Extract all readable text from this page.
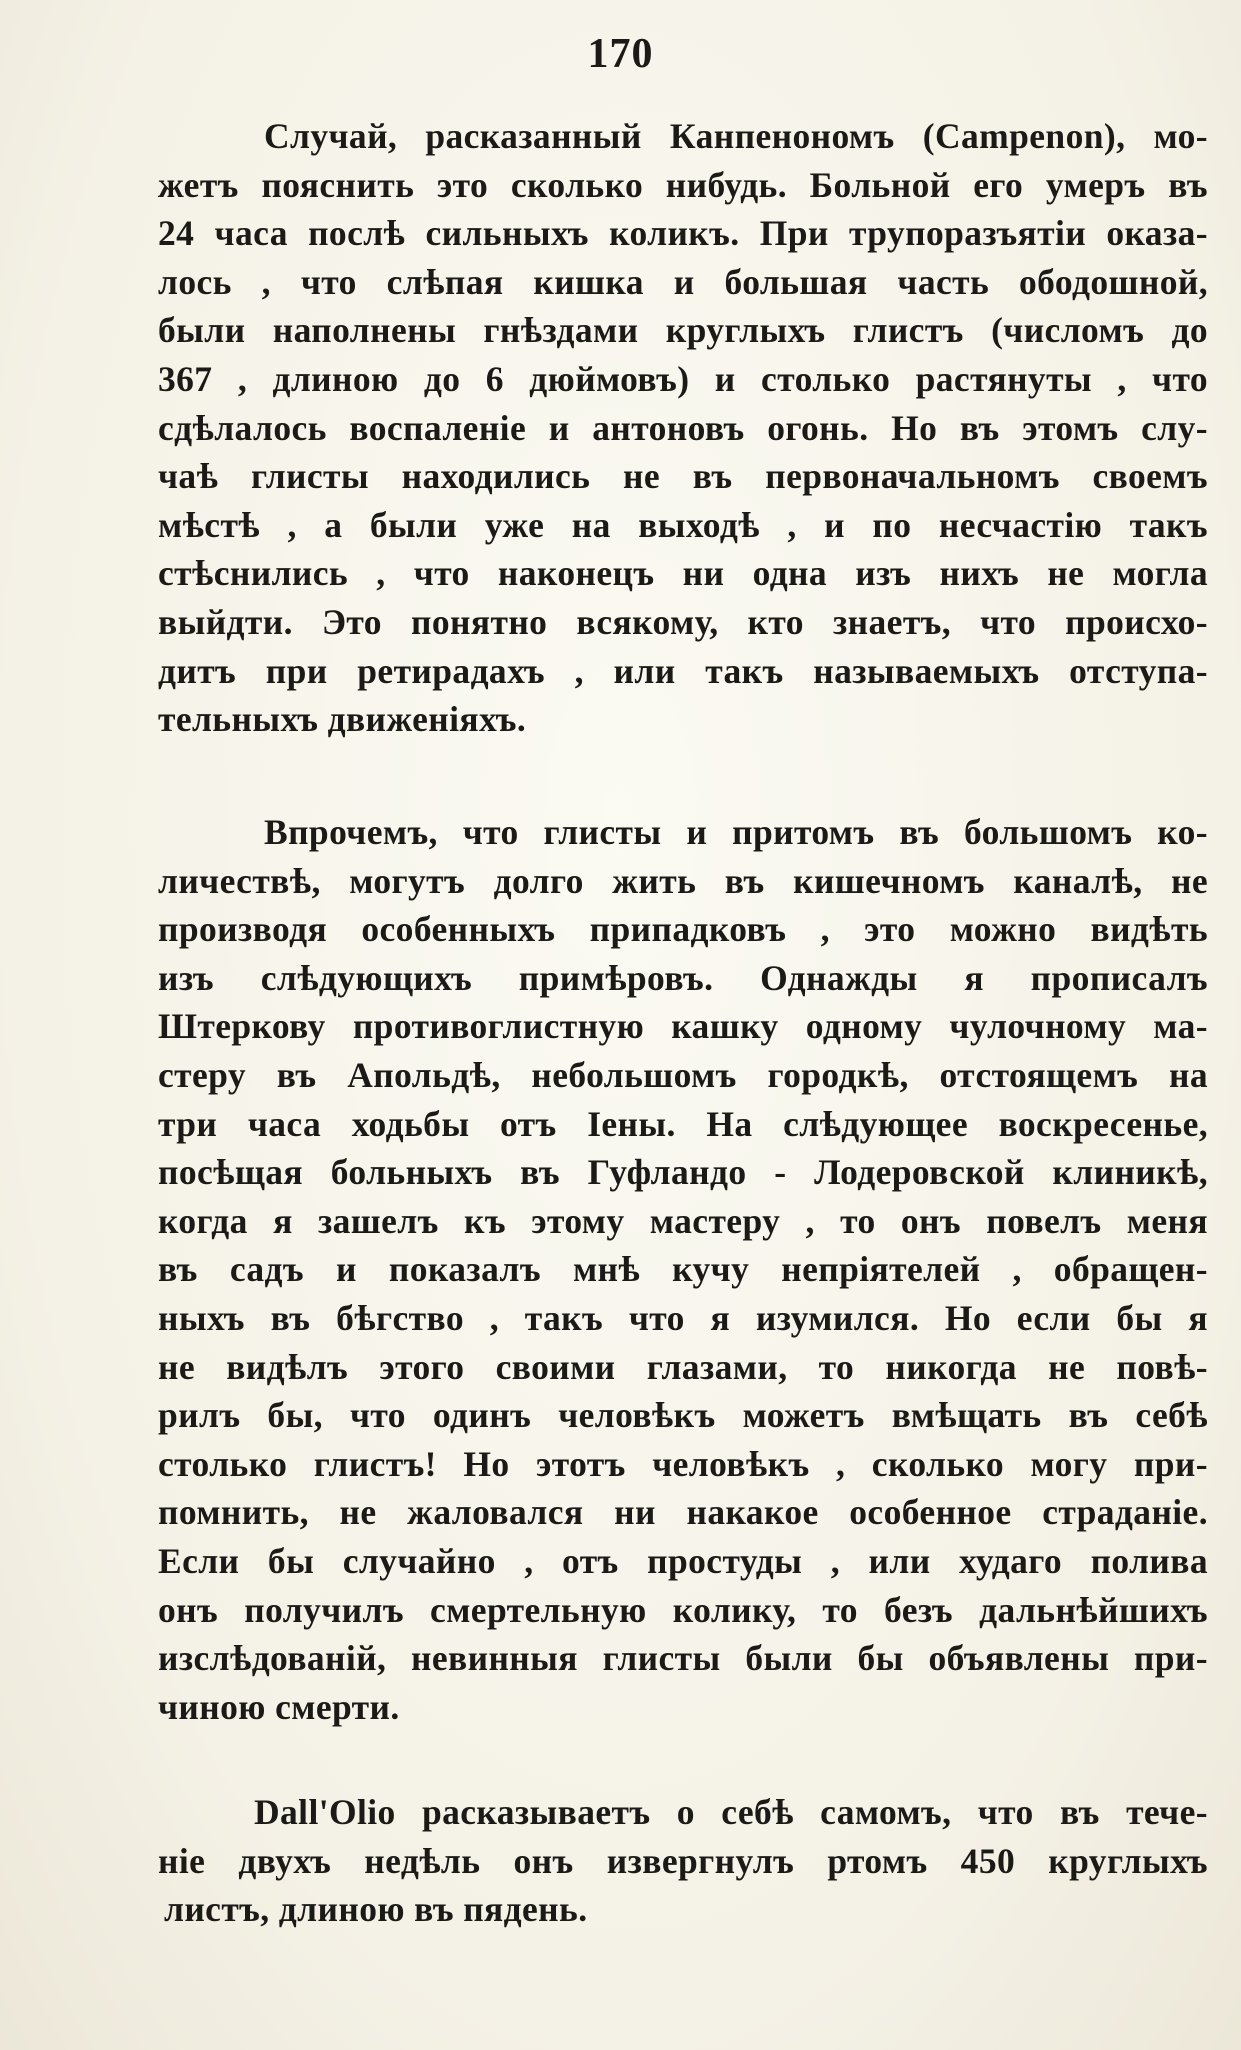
170
Случай, расказанный Канпенономъ (Campenon), мо-
жетъ пояснить это сколько нибудь. Больной его умеръ въ
24 часа послѣ сильныхъ коликъ. При трупоразъятіи оказа-
лось , что слѣпая кишка и большая часть ободошной,
были наполнены гнѣздами круглыхъ глистъ (числомъ до
367 , длиною до 6 дюймовъ) и столько растянуты , что
сдѣлалось воспаленіе и антоновъ огонь. Но въ этомъ слу-
чаѣ глисты находились не въ первоначальномъ своемъ
мѣстѣ , а были уже на выходѣ , и по несчастію такъ
стѣснились , что наконецъ ни одна изъ нихъ не могла
выйдти. Это понятно всякому, кто знаетъ, что происхо-
дитъ при ретирадахъ , или такъ называемыхъ отступа-
тельныхъ движеніяхъ.
Впрочемъ, что глисты и притомъ въ большомъ ко-
личествѣ, могутъ долго жить въ кишечномъ каналѣ, не
производя особенныхъ припадковъ , это можно видѣть
изъ слѣдующихъ примѣровъ. Однажды я прописалъ
Штеркову противоглистную кашку одному чулочному ма-
стеру въ Апольдѣ, небольшомъ городкѣ, отстоящемъ на
три часа ходьбы отъ Іены. На слѣдующее воскресенье,
посѣщая больныхъ въ Гуфландо - Лодеровской клиникѣ,
когда я зашелъ къ этому мастеру , то онъ повелъ меня
въ садъ и показалъ мнѣ кучу непріятелей , обращен-
ныхъ въ бѣгство , такъ что я изумился. Но если бы я
не видѣлъ этого своими глазами, то никогда не повѣ-
рилъ бы, что одинъ человѣкъ можетъ вмѣщать въ себѣ
столько глистъ! Но этотъ человѣкъ , сколько могу при-
помнить, не жаловался ни накакое особенное страданіе.
Если бы случайно , отъ простуды , или худаго полива
онъ получилъ смертельную колику, то безъ дальнѣйшихъ
изслѣдованій, невинныя глисты были бы объявлены при-
чиною смерти.
Dall'Olio расказываетъ о себѣ самомъ, что въ тече-
ніе двухъ недѣль онъ извергнулъ ртомъ 450 круглыхъ
листъ, длиною въ пядень.
